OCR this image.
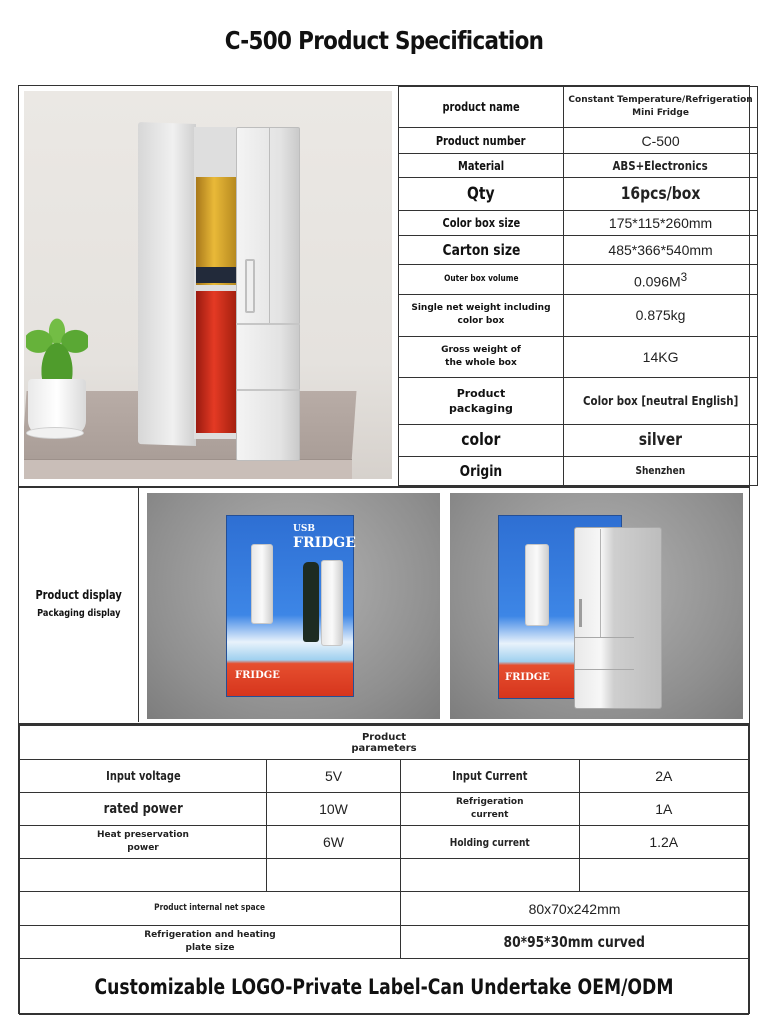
C-500 Product Specification
product name	Constant Temperature/Refrigeration Mini Fridge
Product number	C-500
Material	ABS+Electronics
Qty	16pcs/box
Color box size	175*115*260mm
Carton size	485*366*540mm
Outer box volume	$0.096M^3$
Single net weight including color box	0.875kg
Gross weight of the whole box	14KG
Product packaging	Color box [neutral English]
color	silver
Origin	Shenzhen
Product display
Packaging display
USB
FRIDGE
FRIDGE	FRIDGE
Product parameters			
Input voltage	5V	Input Current	2A
rated power	10W	Refrigeration current	1A
Heat preservation power	6W	Holding current	1.2A

Product internal net space		80x70x242mm	
Refrigeration and heating plate size		80*95*30mm curved	
Customizable LOGO-Private Label-Can Undertake OEM/ODM			
